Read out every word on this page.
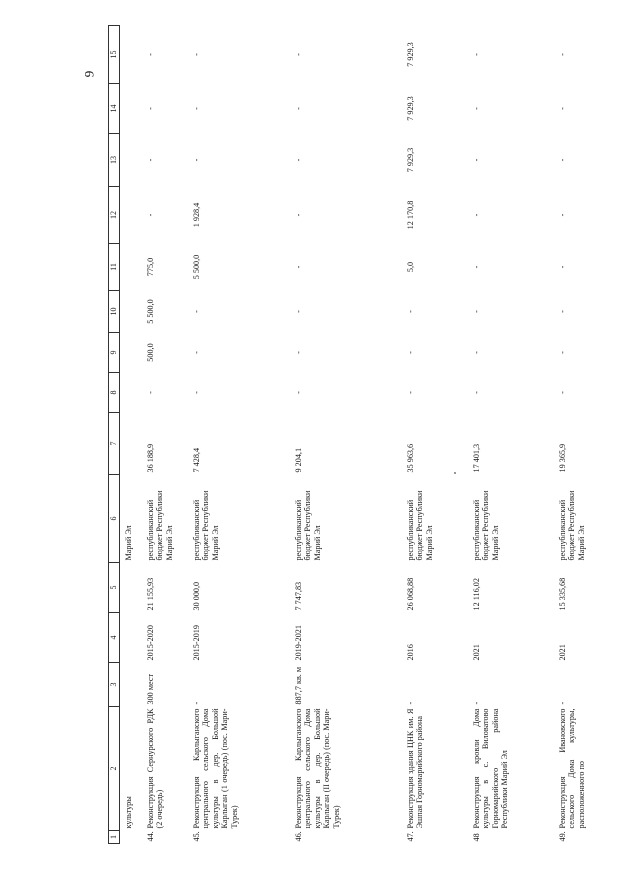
9
1	2	3	4	5	6	7	8	9	10	11	12	13	14	15
	культуры				Марий Эл									
44.	Реконструкция Сернурского РДК (2 очередь)	300 мест	2015-2020	21 155,93	республиканский бюджет Республики Марий Эл	36 188,9	-	500,0	5 500,0	775,0	-	-	-	-
45.	Реконструкция Карлыганского центрального сельского Дома культуры в дер. Большой Карлыган (1 очередь) (пос. Мари-Турек)	-	2015-2019	30 000,0	республиканский бюджет Республики Марий Эл	7 428,4	-	-	-	5 500,0	1 928,4	-	-	-
46.	Реконструкция Карлыганского центрального сельского Дома культуры в дер. Большой Карлыган (II очередь) (пос. Мари-Турек)	887,7 кв. м	2019-2021	7 747,83	республиканский бюджет Республики Марий Эл	9 204,1	-	-	-	-	-	-	-	-
47.	Реконструкция здания ЦНК им. Я Эшпая Горномарийского района	-	2016	26 068,88	республиканский бюджет Республики Марий Эл	35 963,6	-	-	-	5,0	12 170,8	7 929,3	7 929,3	7 929,3
48	Реконструкция кровли Дома культуры в с. Виловатово Горномарийского района Республики Марий Эл	-	2021	12 116,02	республиканский бюджет Республики Марий Эл	17 401,3	-	-	-	-	-	-	-	-
49.	Реконструкция Ивановского сельского Дома культуры, расположенного по	-	2021	15 335,68	республиканский бюджет Республики Марий Эл	19 365,9	-	-	-	-	-	-	-	-
